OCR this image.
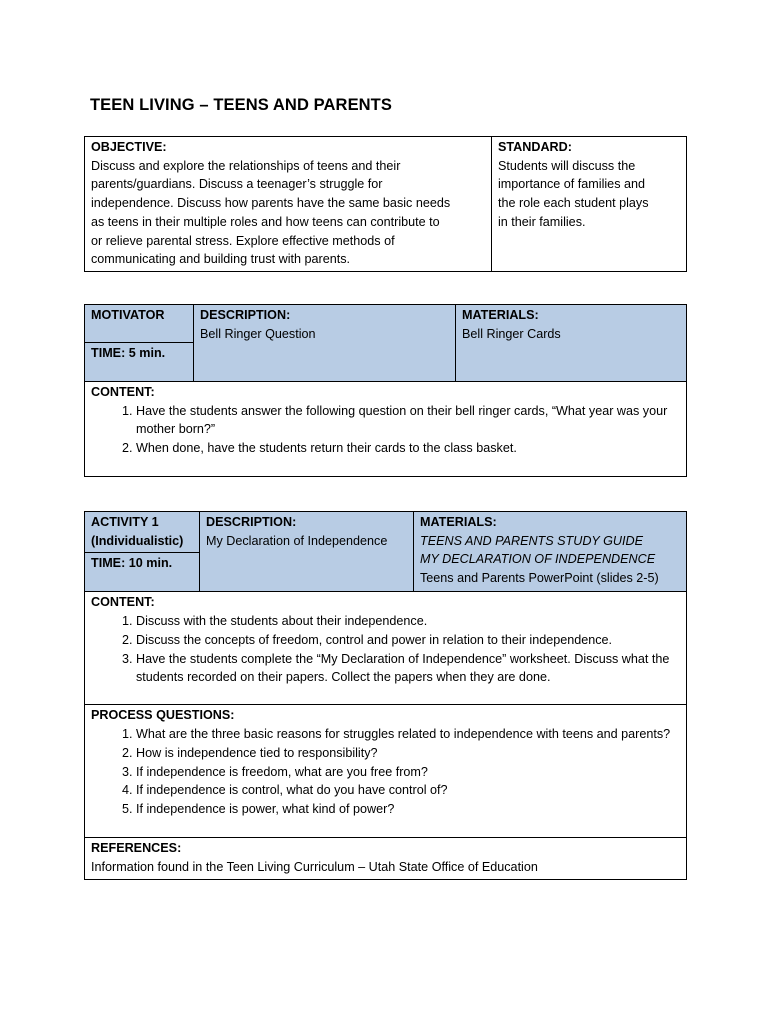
TEEN LIVING – TEENS AND PARENTS
OBJECTIVE:
Discuss and explore the relationships of teens and their
parents/guardians. Discuss a teenager’s struggle for
independence. Discuss how parents have the same basic needs
as teens in their multiple roles and how teens can contribute to
or relieve parental stress. Explore effective methods of
communicating and building trust with parents.

STANDARD:
Students will discuss the
importance of families and
the role each student plays
in their families.
MOTIVATOR	DESCRIPTION:
Bell Ringer Question

MATERIALS:
Bell Ringer Cards

TIME: 5 min.

CONTENT:
1. Have the students answer the following question on their bell ringer cards, “What year was your mother born?”
2. When done, have the students return their cards to the class basket.
ACTIVITY 1
(Individualistic)

DESCRIPTION:
My Declaration of Independence

MATERIALS:
TEENS AND PARENTS STUDY GUIDE
MY DECLARATION OF INDEPENDENCE
Teens and Parents PowerPoint (slides 2-5)

TIME: 10 min.

CONTENT:
1. Discuss with the students about their independence.
2. Discuss the concepts of freedom, control and power in relation to their independence.
3. Have the students complete the “My Declaration of Independence” worksheet. Discuss what the students recorded on their papers. Collect the papers when they are done.

PROCESS QUESTIONS:
1. What are the three basic reasons for struggles related to independence with teens and parents?
2. How is independence tied to responsibility?
3. If independence is freedom, what are you free from?
4. If independence is control, what do you have control of?
5. If independence is power, what kind of power?

REFERENCES:
Information found in the Teen Living Curriculum – Utah State Office of Education
